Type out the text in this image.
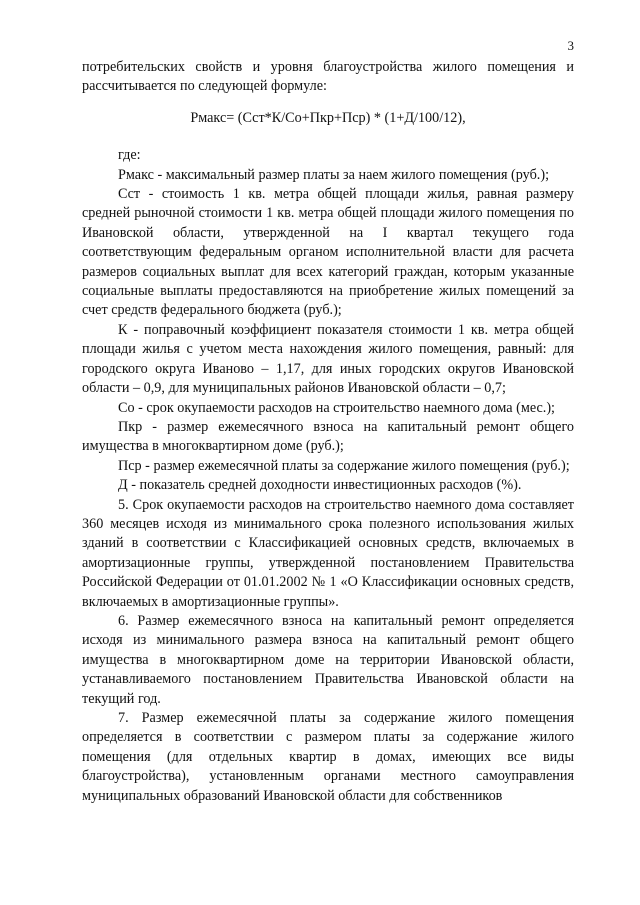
3

потребительских свойств и уровня благоустройства жилого помещения и рассчитывается по следующей формуле:

Рмакс= (Сст*К/Со+Пкр+Пср) * (1+Д/100/12),

где:

Рмакс - максимальный размер платы за наем жилого помещения (руб.);

Сст - стоимость 1 кв. метра общей площади жилья, равная размеру средней рыночной стоимости 1 кв. метра общей площади жилого помещения по Ивановской области, утвержденной на I квартал текущего года соответствующим федеральным органом исполнительной власти для расчета размеров социальных выплат для всех категорий граждан, которым указанные социальные выплаты предоставляются на приобретение жилых помещений за счет средств федерального бюджета (руб.);

К - поправочный коэффициент показателя стоимости 1 кв. метра общей площади жилья с учетом места нахождения жилого помещения, равный: для городского округа Иваново – 1,17, для иных городских округов Ивановской области – 0,9, для муниципальных районов Ивановской области – 0,7;

Со - срок окупаемости расходов на строительство наемного дома (мес.);

Пкр - размер ежемесячного взноса на капитальный ремонт общего имущества в многоквартирном доме (руб.);

Пср - размер ежемесячной платы за содержание жилого помещения (руб.);

Д - показатель средней доходности инвестиционных расходов (%).

5. Срок окупаемости расходов на строительство наемного дома составляет 360 месяцев исходя из минимального срока полезного использования жилых зданий в соответствии с Классификацией основных средств, включаемых в амортизационные группы, утвержденной постановлением Правительства Российской Федерации от 01.01.2002 № 1 «О Классификации основных средств, включаемых в амортизационные группы».

6. Размер ежемесячного взноса на капитальный ремонт определяется исходя из минимального размера взноса на капитальный ремонт общего имущества в многоквартирном доме на территории Ивановской области, устанавливаемого постановлением Правительства Ивановской области на текущий год.

7. Размер ежемесячной платы за содержание жилого помещения определяется в соответствии с размером платы за содержание жилого помещения (для отдельных квартир в домах, имеющих все виды благоустройства), установленным органами местного самоуправления муниципальных образований Ивановской области для собственников
